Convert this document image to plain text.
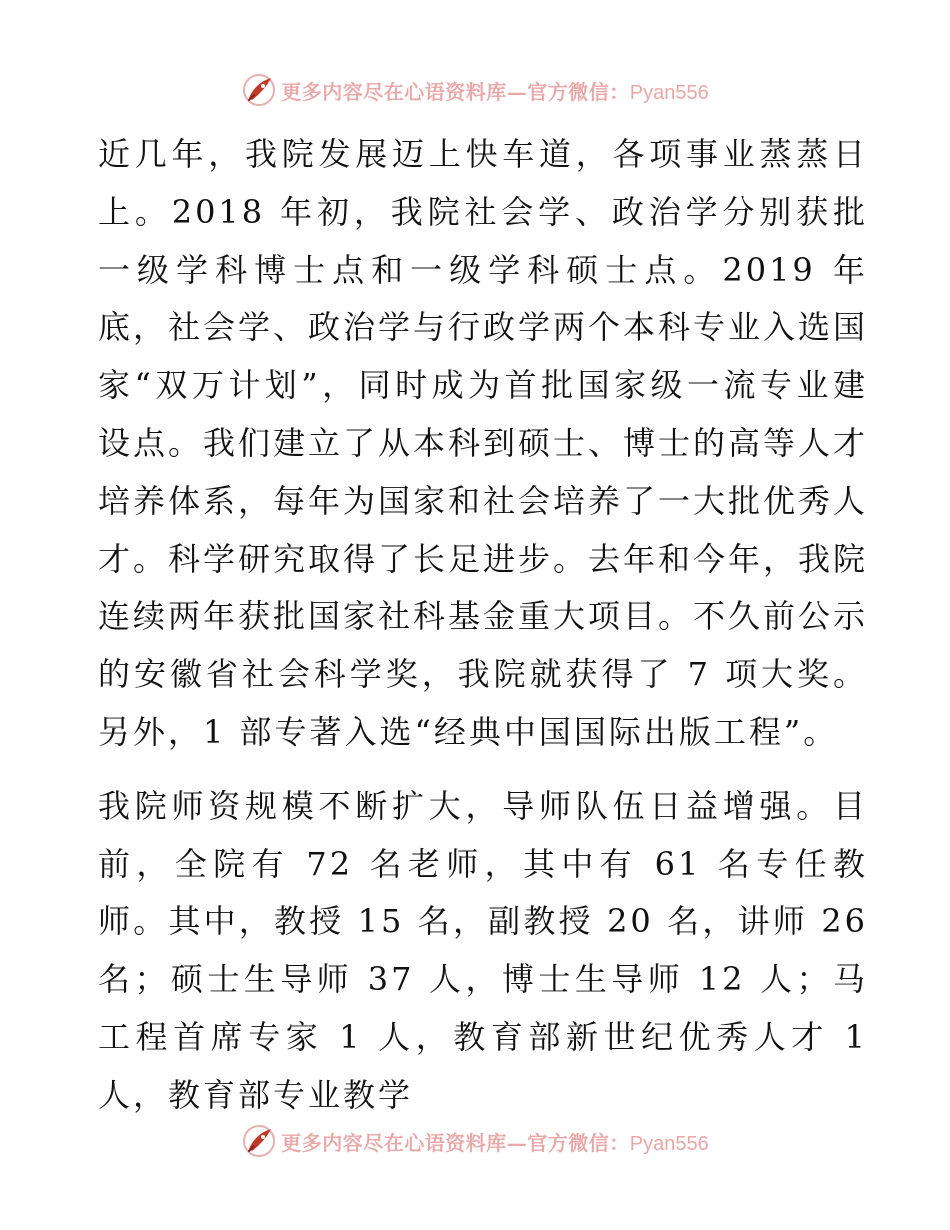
更多内容尽在心语资料库—官方微信： Pyan556

近几年，我院发展迈上快车道，各项事业蒸蒸日上。2018 年初，我院社会学、政治学分别获批一级学科博士点和一级学科硕士点。2019 年底，社会学、政治学与行政学两个本科专业入选国家“双万计划”，同时成为首批国家级一流专业建设点。我们建立了从本科到硕士、博士的高等人才培养体系，每年为国家和社会培养了一大批优秀人才。科学研究取得了长足进步。去年和今年，我院连续两年获批国家社科基金重大项目。不久前公示的安徽省社会科学奖，我院就获得了 7 项大奖。另外，1 部专著入选“经典中国国际出版工程”。

我院师资规模不断扩大，导师队伍日益增强。目前，全院有 72 名老师，其中有 61 名专任教师。其中，教授 15 名，副教授 20 名，讲师 26 名；硕士生导师 37 人，博士生导师 12 人；马工程首席专家 1 人，教育部新世纪优秀人才 1 人，教育部专业教学

更多内容尽在心语资料库—官方微信： Pyan556
